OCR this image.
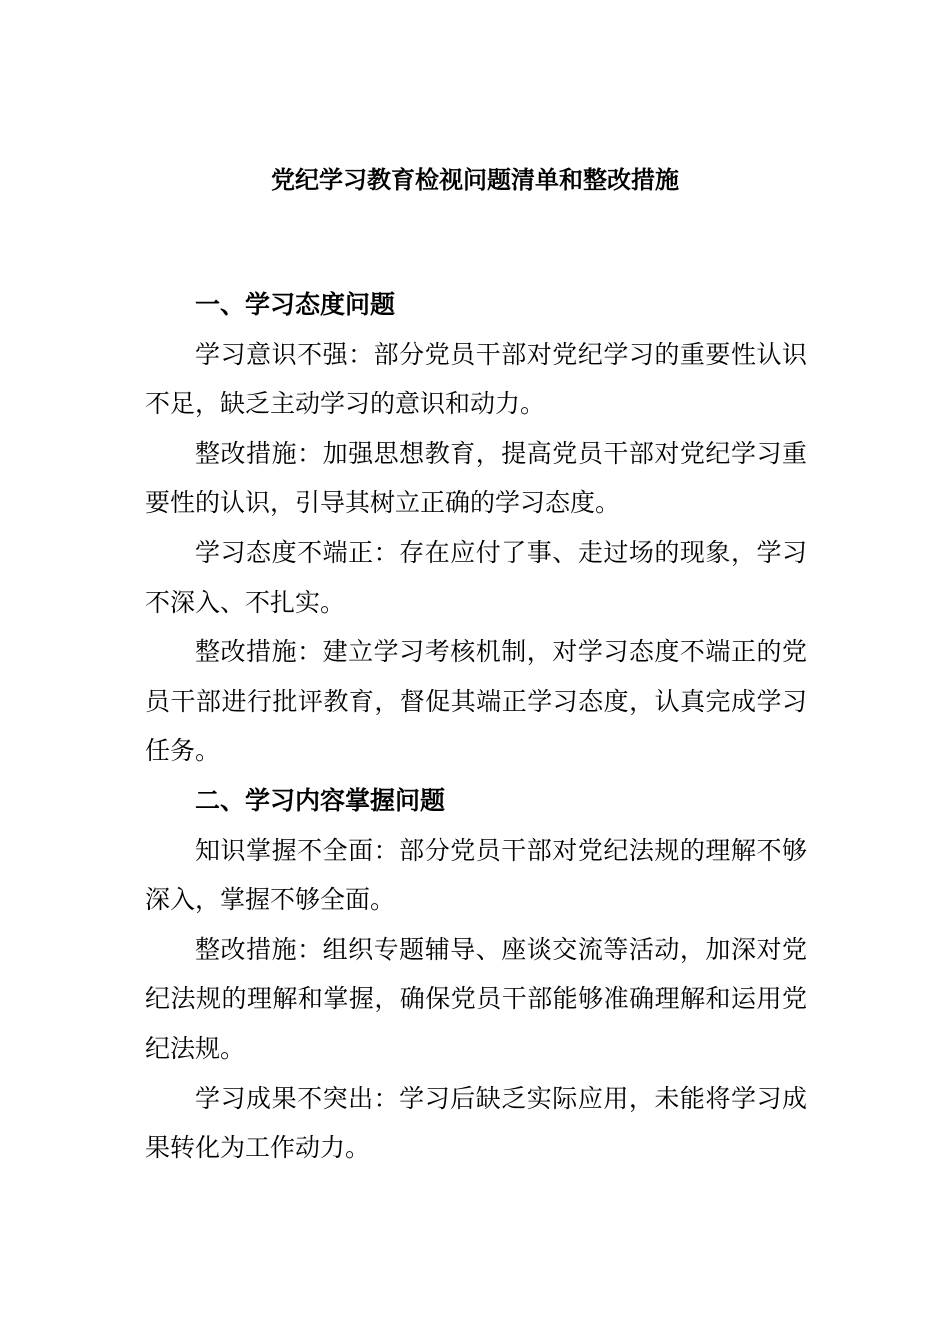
党纪学习教育检视问题清单和整改措施

一、学习态度问题

学习意识不强：部分党员干部对党纪学习的重要性认识不足，缺乏主动学习的意识和动力。

整改措施：加强思想教育，提高党员干部对党纪学习重要性的认识，引导其树立正确的学习态度。

学习态度不端正：存在应付了事、走过场的现象，学习不深入、不扎实。

整改措施：建立学习考核机制，对学习态度不端正的党员干部进行批评教育，督促其端正学习态度，认真完成学习任务。

二、学习内容掌握问题

知识掌握不全面：部分党员干部对党纪法规的理解不够深入，掌握不够全面。

整改措施：组织专题辅导、座谈交流等活动，加深对党纪法规的理解和掌握，确保党员干部能够准确理解和运用党纪法规。

学习成果不突出：学习后缺乏实际应用，未能将学习成果转化为工作动力。
